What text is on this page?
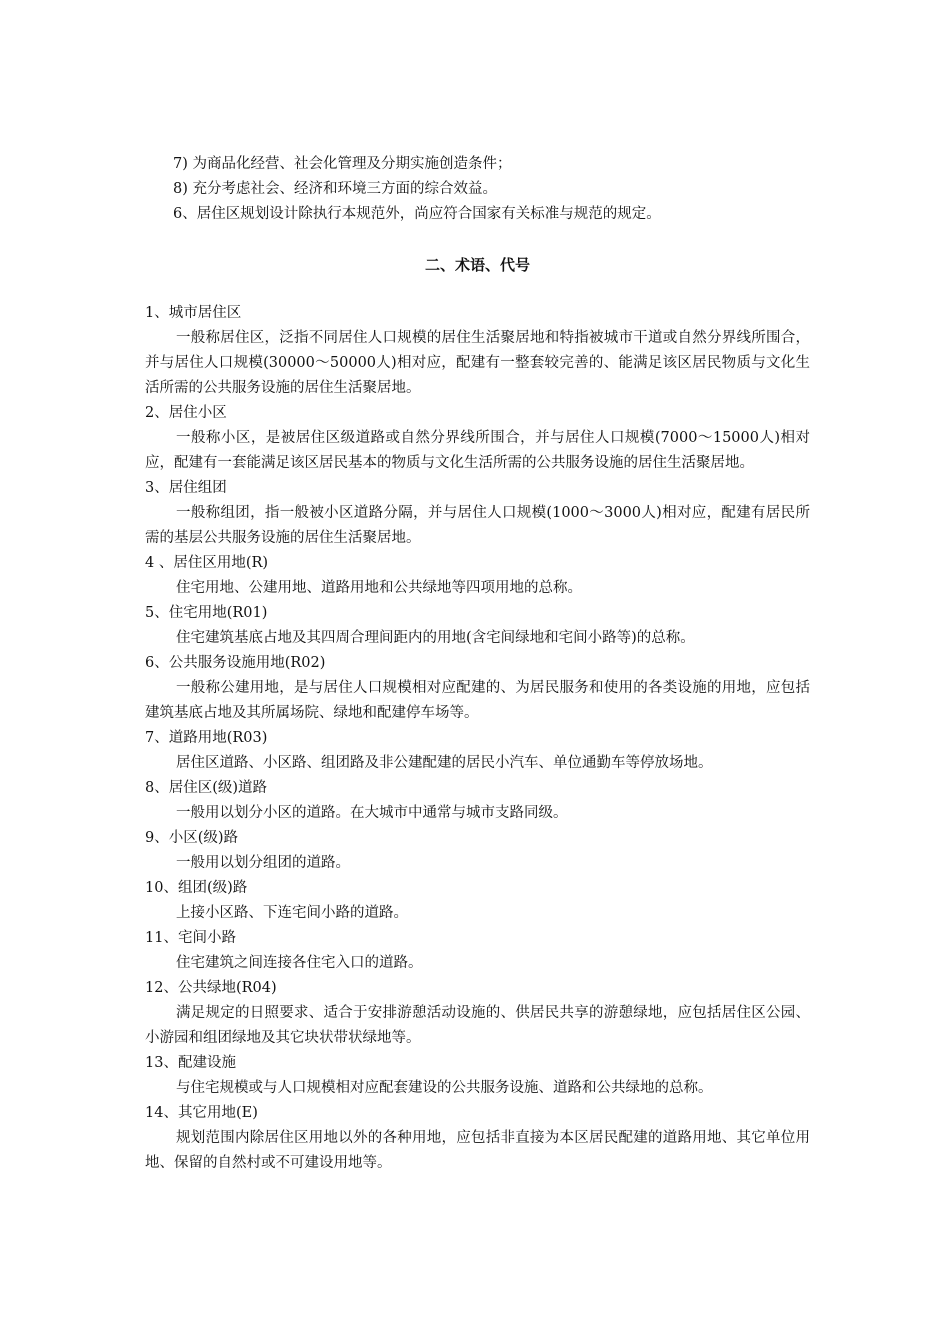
7) 为商品化经营、社会化管理及分期实施创造条件；
8) 充分考虑社会、经济和环境三方面的综合效益。
6、居住区规划设计除执行本规范外，尚应符合国家有关标准与规范的规定。
二、术语、代号
1、城市居住区
一般称居住区，泛指不同居住人口规模的居住生活聚居地和特指被城市干道或自然分界线所围合，并与居住人口规模(30000～50000人)相对应，配建有一整套较完善的、能满足该区居民物质与文化生活所需的公共服务设施的居住生活聚居地。
2、居住小区
一般称小区，是被居住区级道路或自然分界线所围合，并与居住人口规模(7000～15000人)相对应，配建有一套能满足该区居民基本的物质与文化生活所需的公共服务设施的居住生活聚居地。
3、居住组团
一般称组团，指一般被小区道路分隔，并与居住人口规模(1000～3000人)相对应，配建有居民所需的基层公共服务设施的居住生活聚居地。
4 、居住区用地(R)
住宅用地、公建用地、道路用地和公共绿地等四项用地的总称。
5、住宅用地(R01)
住宅建筑基底占地及其四周合理间距内的用地(含宅间绿地和宅间小路等)的总称。
6、公共服务设施用地(R02)
一般称公建用地，是与居住人口规模相对应配建的、为居民服务和使用的各类设施的用地，应包括建筑基底占地及其所属场院、绿地和配建停车场等。
7、道路用地(R03)
居住区道路、小区路、组团路及非公建配建的居民小汽车、单位通勤车等停放场地。
8、居住区(级)道路
一般用以划分小区的道路。在大城市中通常与城市支路同级。
9、小区(级)路
一般用以划分组团的道路。
10、组团(级)路
上接小区路、下连宅间小路的道路。
11、宅间小路
住宅建筑之间连接各住宅入口的道路。
12、公共绿地(R04)
满足规定的日照要求、适合于安排游憩活动设施的、供居民共享的游憩绿地，应包括居住区公园、小游园和组团绿地及其它块状带状绿地等。
13、配建设施
与住宅规模或与人口规模相对应配套建设的公共服务设施、道路和公共绿地的总称。
14、其它用地(E)
规划范围内除居住区用地以外的各种用地，应包括非直接为本区居民配建的道路用地、其它单位用地、保留的自然村或不可建设用地等。
